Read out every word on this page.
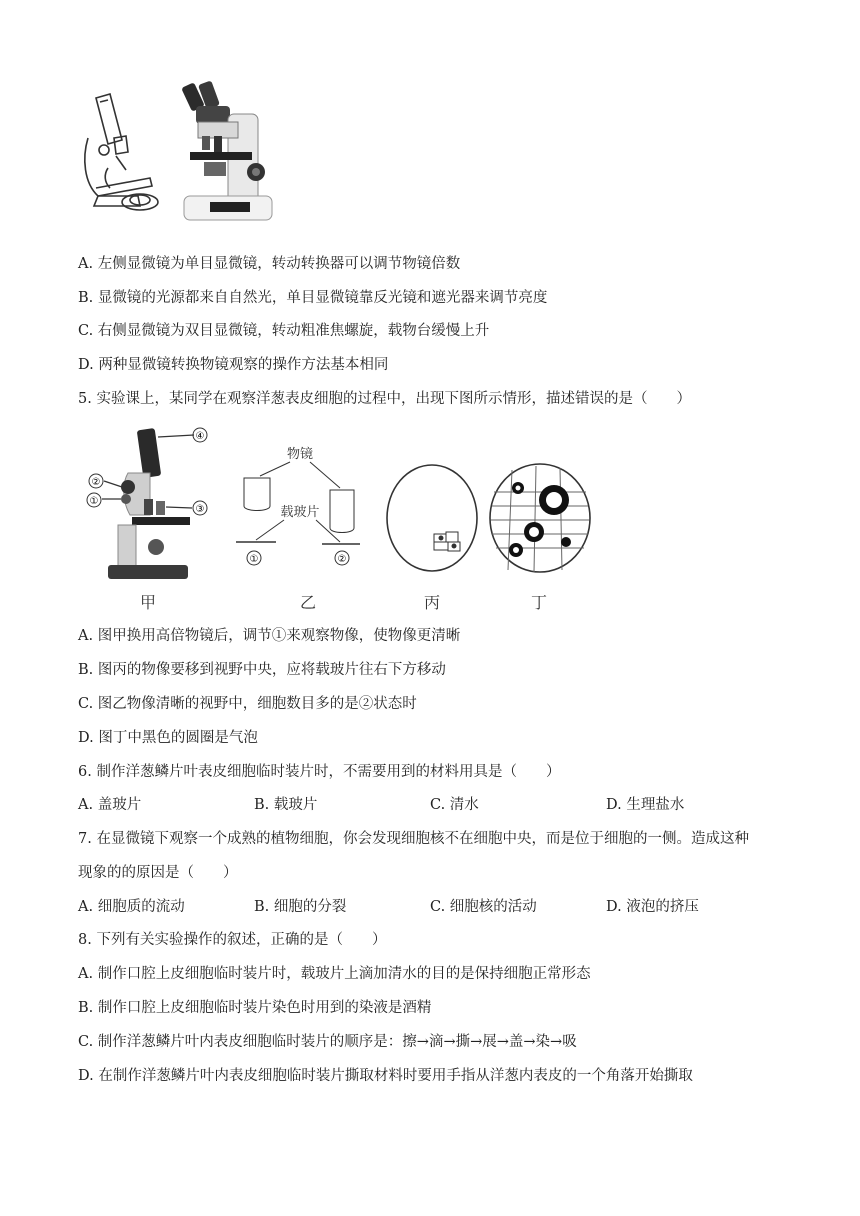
A. 左侧显微镜为单目显微镜，转动转换器可以调节物镜倍数
B. 显微镜的光源都来自自然光，单目显微镜靠反光镜和遮光器来调节亮度
C. 右侧显微镜为双目显微镜，转动粗准焦螺旋，载物台缓慢上升
D. 两种显微镜转换物镜观察的操作方法基本相同
5. 实验课上，某同学在观察洋葱表皮细胞的过程中，出现下图所示情形，描述错误的是（　　）
④
②
①
③
甲
物镜
载玻片
①	②
乙	丙	丁
A. 图甲换用高倍物镜后，调节①来观察物像，使物像更清晰
B. 图丙的物像要移到视野中央，应将载玻片往右下方移动
C. 图乙物像清晰的视野中，细胞数目多的是②状态时
D. 图丁中黑色的圆圈是气泡
6. 制作洋葱鳞片叶表皮细胞临时装片时，不需要用到的材料用具是（　　）
A. 盖玻片	B. 载玻片	C. 清水	D. 生理盐水
7. 在显微镜下观察一个成熟的植物细胞，你会发现细胞核不在细胞中央，而是位于细胞的一侧。造成这种
现象的的原因是（　　）
A. 细胞质的流动	B. 细胞的分裂	C. 细胞核的活动	D. 液泡的挤压
8. 下列有关实验操作的叙述，正确的是（　　）
A. 制作口腔上皮细胞临时装片时，载玻片上滴加清水的目的是保持细胞正常形态
B. 制作口腔上皮细胞临时装片染色时用到的染液是酒精
C. 制作洋葱鳞片叶内表皮细胞临时装片的顺序是：擦→滴→撕→展→盖→染→吸
D. 在制作洋葱鳞片叶内表皮细胞临时装片撕取材料时要用手指从洋葱内表皮的一个角落开始撕取
